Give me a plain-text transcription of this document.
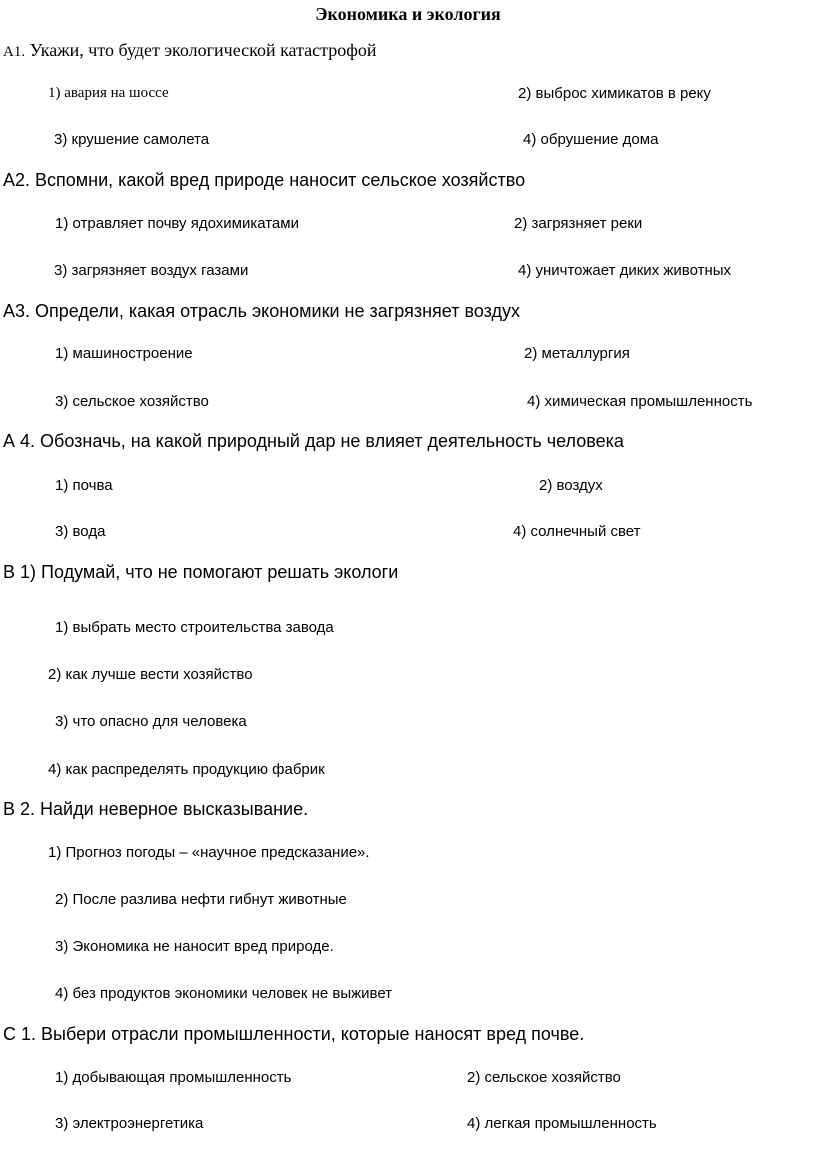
Экономика и экология
А1. Укажи, что будет экологической катастрофой
1) авария на шоссе	2) выброс химикатов в реку
3) крушение самолета	4) обрушение дома
А2. Вспомни, какой вред природе наносит сельское хозяйство
1) отравляет почву ядохимикатами	2) загрязняет реки
3) загрязняет воздух газами	4) уничтожает диких животных
А3. Определи, какая отрасль экономики не загрязняет воздух
1) машиностроение	2) металлургия
3) сельское хозяйство	4) химическая промышленность
А 4. Обозначь, на какой природный дар не влияет деятельность человека
1) почва	2) воздух
3) вода	4) солнечный свет
В 1) Подумай, что не помогают решать экологи
1) выбрать место строительства завода
2) как лучше вести хозяйство
3) что опасно для человека
4) как распределять продукцию фабрик
В 2. Найди неверное высказывание.
1) Прогноз погоды – «научное предсказание».
2) После разлива нефти гибнут животные
3) Экономика не наносит вред природе.
4) без продуктов экономики человек не выживет
С 1. Выбери отрасли промышленности, которые наносят вред почве.
1) добывающая промышленность	2) сельское хозяйство
3) электроэнергетика	4) легкая промышленность
